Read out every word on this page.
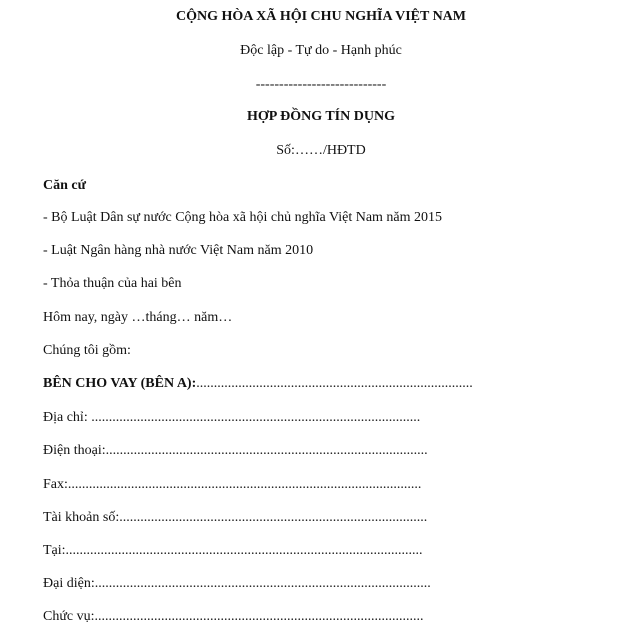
CỘNG HÒA XÃ HỘI CHU NGHĨA VIỆT NAM
Độc lập - Tự do - Hạnh phúc
----------------------------
HỢP ĐỒNG TÍN DỤNG
Số:……/HĐTD
Căn cứ
- Bộ Luật Dân sự nước Cộng hòa xã hội chủ nghĩa Việt Nam năm 2015
- Luật Ngân hàng nhà nước Việt Nam năm 2010
- Thỏa thuận của hai bên
Hôm nay, ngày …tháng… năm…
Chúng tôi gồm:
BÊN CHO VAY (BÊN A):...............................................................................
Địa chỉ: ..............................................................................................
Điện thoại:............................................................................................
Fax:.....................................................................................................
Tài khoản số:........................................................................................
Tại:......................................................................................................
Đại diện:................................................................................................
Chức vụ:..............................................................................................
